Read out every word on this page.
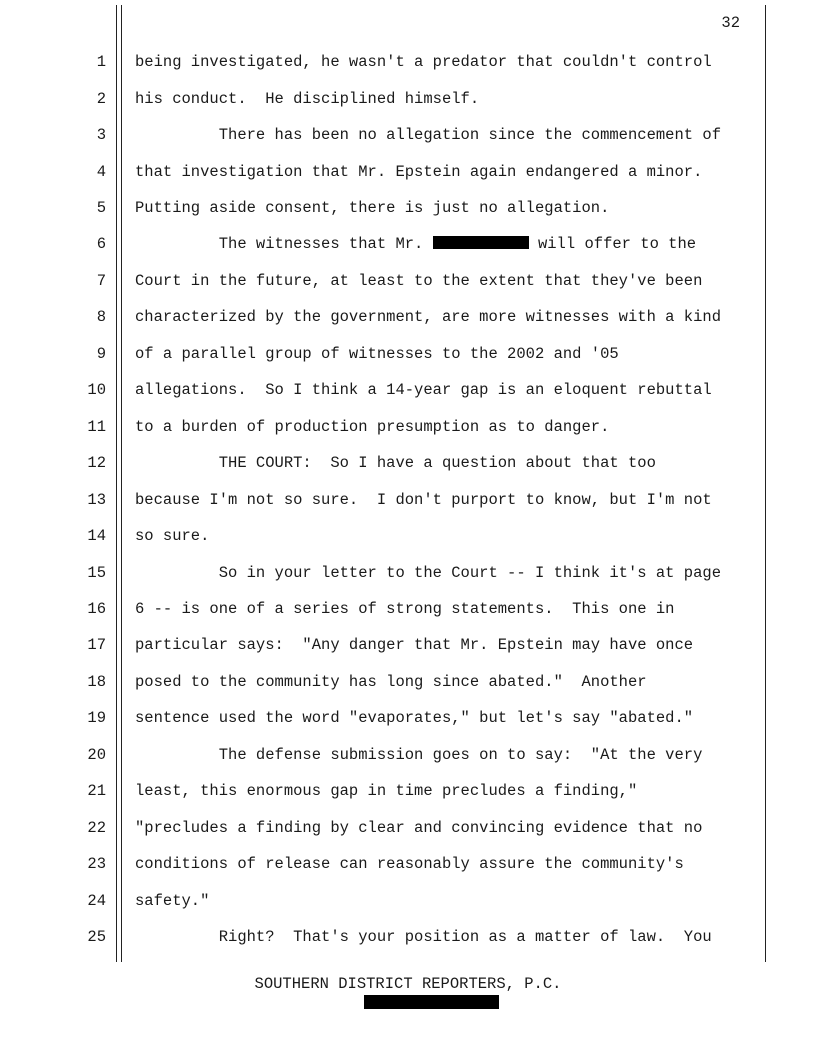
32
1 being investigated, he wasn't a predator that couldn't control
2 his conduct.  He disciplined himself.
3 There has been no allegation since the commencement of
4 that investigation that Mr. Epstein again endangered a minor.
5 Putting aside consent, there is just no allegation.
6 The witnesses that Mr.	will offer to the
7 Court in the future, at least to the extent that they've been
8 characterized by the government, are more witnesses with a kind
9 of a parallel group of witnesses to the 2002 and '05
10 allegations.  So I think a 14-year gap is an eloquent rebuttal
11 to a burden of production presumption as to danger.
12 THE COURT:  So I have a question about that too
13 because I'm not so sure.  I don't purport to know, but I'm not
14 so sure.
15 So in your letter to the Court -- I think it's at page
16 6 -- is one of a series of strong statements.  This one in
17 particular says:  "Any danger that Mr. Epstein may have once
18 posed to the community has long since abated."  Another
19 sentence used the word "evaporates," but let's say "abated."
20 The defense submission goes on to say:  "At the very
21 least, this enormous gap in time precludes a finding,"
22 "precludes a finding by clear and convincing evidence that no
23 conditions of release can reasonably assure the community's
24 safety."
25 Right?  That's your position as a matter of law.  You
SOUTHERN DISTRICT REPORTERS, P.C.
